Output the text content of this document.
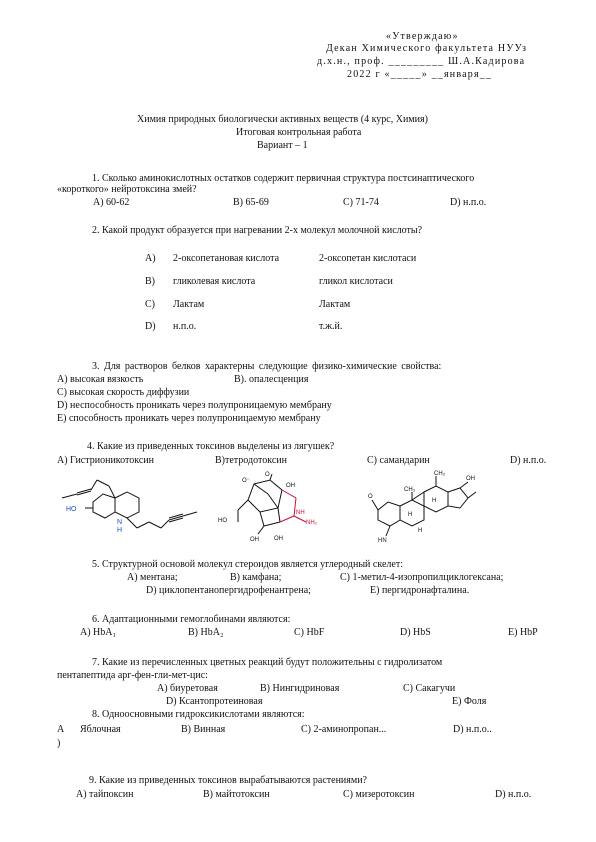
«Утверждаю»
Декан Химического факультета НУУз
д.х.н., проф. _________ Ш.А.Кадирова
2022 г «_____» __января__
Химия природных биологически активных веществ (4 курс, Химия)
Итоговая контрольная работа
Вариант – 1
1. Сколько аминокислотных остатков содержит первичная структура постсинаптического
«короткого» нейротоксина змей?
A) 60-62	B) 65-69	C) 71-74	D) н.п.о.
2. Какой продукт образуется при нагревании 2-х молекул молочной кислоты?
A) 2-оксопетановая кислота	2-оксопетан кислотаси
B) гликолевая кислота	гликол кислотаси
C) Лактам	Лактам
D) н.п.о.	т.ж.й.
3. Для растворов белков характерны следующие физико-химические свойства:
A) высокая вязкость	B). опалесценция
C) высокая скорость диффузии
D) неспособность проникать через полупроницаемую мембрану
E) способность проникать через полупроницаемую мембрану
4. Какие из приведенных токсинов выделены из лягушек?
A) Гистрионикотоксин	B)тетродотоксин	C) самандарин	D) н.п.о.
HO
N
H
O
O⁻
OH
HO
OH
NH
NH₂
OH
CH₃
CH₃
OH
O
HN
H
H
H
5. Структурной основой молекул стероидов является углеродный скелет:
A) ментана;	B) камфана;	C) 1-метил-4-изопропилциклогексана;
D) циклопентанопергидрофенантрена;	E) пергидронафталина.
6. Адаптационными гемоглобинами являются:
A) HbA₁	B) HbA₂	C) HbF	D) HbS	E) HbP
7. Какие из перечисленных цветных реакций будут положительны с гидролизатом
пентапептида арг-фен-гли-мет-цис:
A) биуретовая	B) Нингидриновая	C) Сакагучи
D) Ксантопротеиновая	E) Фоля
8. Одноосновными гидроксикислотами являются:
A Яблочная
)
B) Винная	C) 2-аминопропан...	D) н.п.о..
9. Какие из приведенных токсинов вырабатываются растениями?
A) тайпоксин	B) майтотоксин	C) мизеротоксин	D) н.п.о.
